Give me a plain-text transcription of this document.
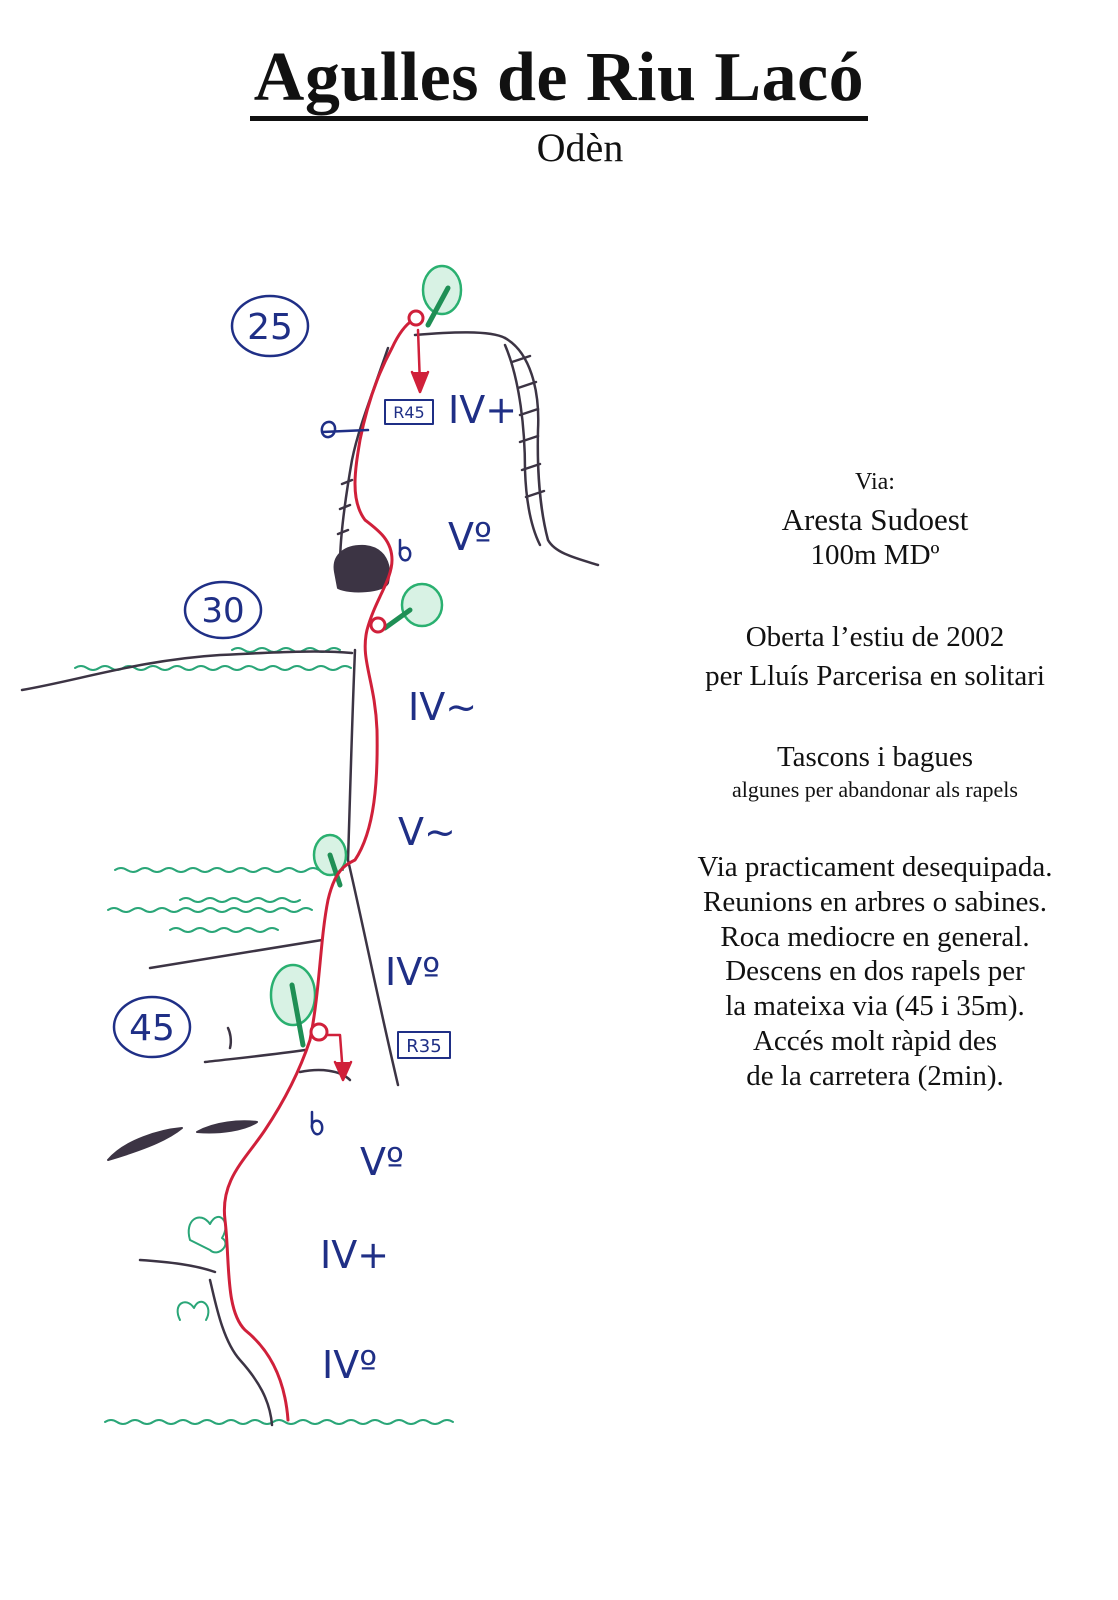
Agulles de Riu Lacó
Odèn
25
30
45
R45
R35
IV+
Vº
IV~
V~
IVº
Vº
IV+
IVº
Via:
Aresta Sudoest
100m MDº
Oberta l’estiu de 2002
per Lluís Parcerisa en solitari
Tascons i bagues
algunes per abandonar als rapels
Via practicament desequipada.
Reunions en arbres o sabines.
Roca mediocre en general.
Descens en dos rapels per
la mateixa via (45 i 35m).
Accés molt ràpid des
de la carretera (2min).
